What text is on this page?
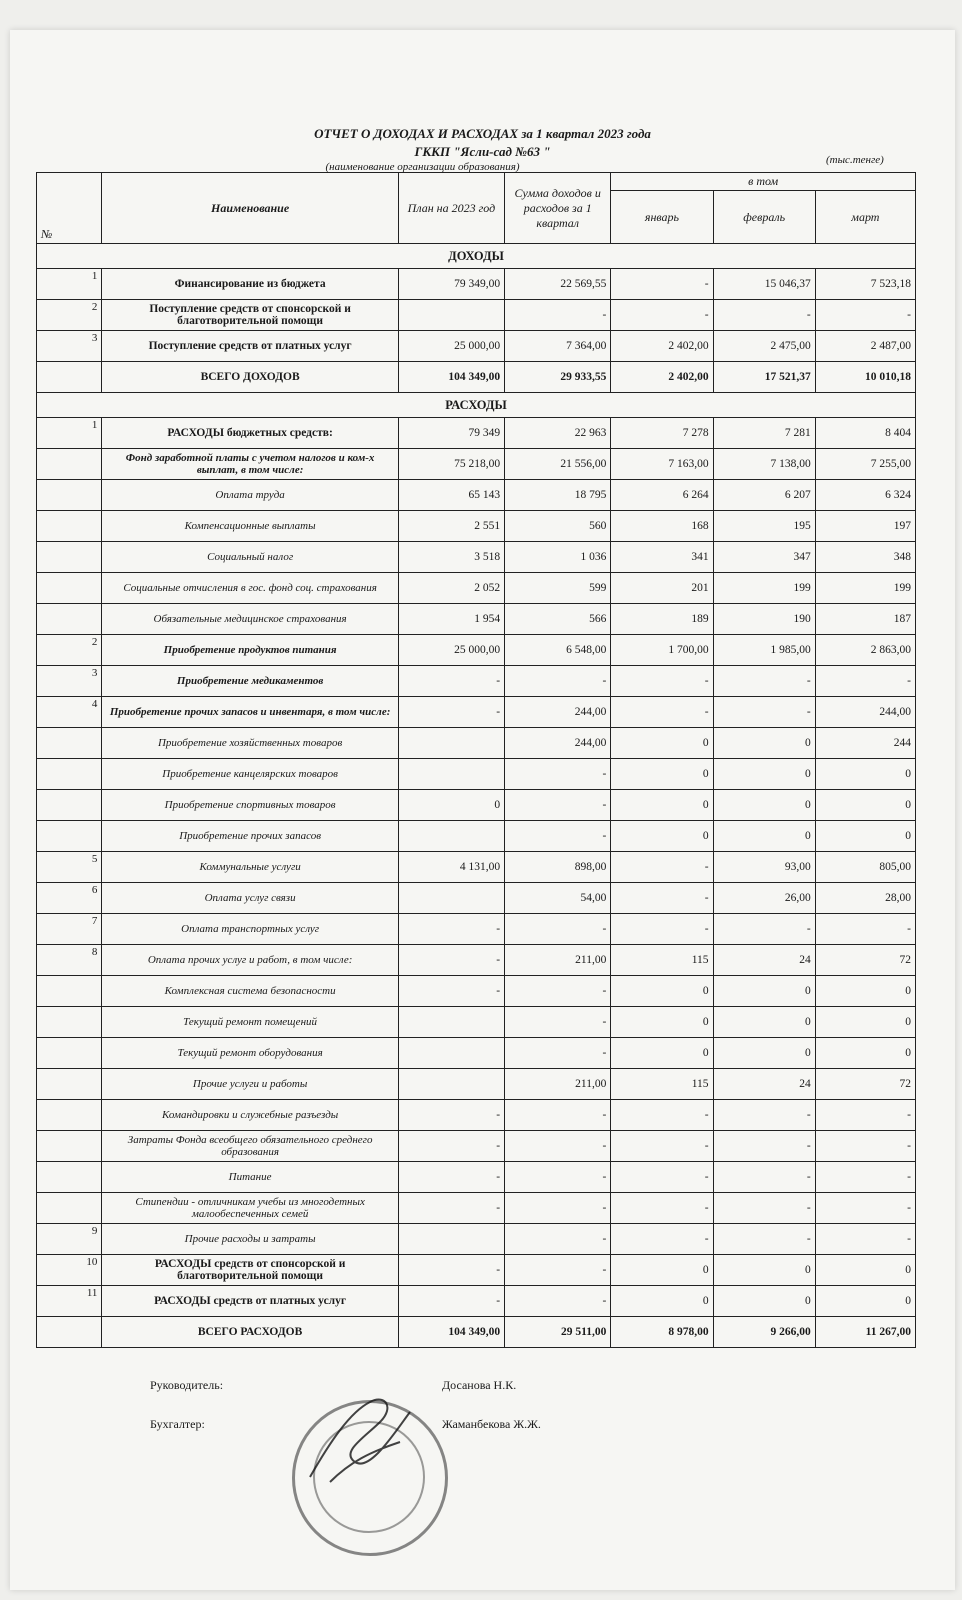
ОТЧЕТ О ДОХОДАХ И РАСХОДАХ за 1 квартал 2023 года
ГККП "Ясли-сад №63 "
(наименование организации образования)
(тыс.тенге)
№	Наименование	План на 2023 год	Сумма доходов и расходов за 1 квартал	в том		
				январь	февраль	март
ДОХОДЫ						
1	Финансирование из бюджета	79 349,00	22 569,55	-	15 046,37	7 523,18
2	Поступление средств от спонсорской и благотворительной помощи		-	-	-	-
3	Поступление средств от платных услуг	25 000,00	7 364,00	2 402,00	2 475,00	2 487,00
	ВСЕГО ДОХОДОВ	104 349,00	29 933,55	2 402,00	17 521,37	10 010,18
РАСХОДЫ						
1	РАСХОДЫ бюджетных средств:	79 349	22 963	7 278	7 281	8 404
	Фонд заработной платы с учетом налогов и ком-х выплат, в том числе:	75 218,00	21 556,00	7 163,00	7 138,00	7 255,00
	Оплата труда	65 143	18 795	6 264	6 207	6 324
	Компенсационные выплаты	2 551	560	168	195	197
	Социальный налог	3 518	1 036	341	347	348
	Социальные отчисления в гос. фонд соц. страхования	2 052	599	201	199	199
	Обязательные медицинское страхования	1 954	566	189	190	187
2	Приобретение продуктов питания	25 000,00	6 548,00	1 700,00	1 985,00	2 863,00
3	Приобретение медикаментов	-	-	-	-	-
4	Приобретение прочих запасов и инвентаря, в том числе:	-	244,00	-	-	244,00
	Приобретение хозяйственных товаров		244,00	0	0	244
	Приобретение канцелярских товаров		-	0	0	0
	Приобретение спортивных товаров	0	-	0	0	0
	Приобретение прочих запасов		-	0	0	0
5	Коммунальные услуги	4 131,00	898,00	-	93,00	805,00
6	Оплата услуг связи		54,00	-	26,00	28,00
7	Оплата транспортных услуг	-	-	-	-	-
8	Оплата прочих услуг и работ, в том числе:	-	211,00	115	24	72
	Комплексная система безопасности	-	-	0	0	0
	Текущий ремонт помещений		-	0	0	0
	Текущий ремонт оборудования		-	0	0	0
	Прочие услуги и работы		211,00	115	24	72
	Командировки и служебные разъезды	-	-	-	-	-
	Затраты Фонда всеобщего обязательного среднего образования	-	-	-	-	-
	Питание	-	-	-	-	-
	Стипендии - отличникам учебы из многодетных малообеспеченных семей	-	-	-	-	-
9	Прочие расходы и затраты		-	-	-	-
10	РАСХОДЫ средств от спонсорской и благотворительной помощи	-	-	0	0	0
11	РАСХОДЫ средств от платных услуг	-	-	0	0	0
	ВСЕГО РАСХОДОВ	104 349,00	29 511,00	8 978,00	9 266,00	11 267,00
Руководитель:	Досанова Н.К.
Бухгалтер:	Жаманбекова Ж.Ж.
